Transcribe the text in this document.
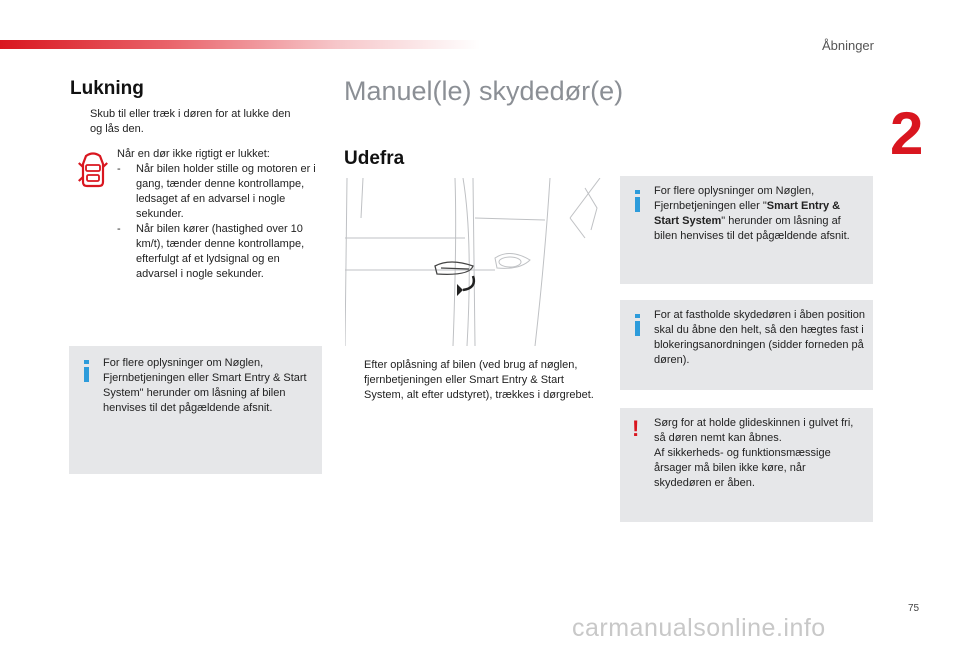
Åbninger
2
Lukning

Skub til eller træk i døren for at lukke den
og lås den.

Når en dør ikke rigtigt er lukket:
- Når bilen holder stille og motoren er i gang, tænder denne kontrollampe, ledsaget af en advarsel i nogle sekunder.
- Når bilen kører (hastighed over 10 km/t), tænder denne kontrollampe, efterfulgt af et lydsignal og en advarsel i nogle sekunder.

For flere oplysninger om Nøglen, Fjernbetjeningen eller Smart Entry & Start System" herunder om låsning af bilen henvises til det pågældende afsnit.

Manuel(le) skydedør(e)
Udefra

Efter oplåsning af bilen (ved brug af nøglen, fjernbetjeningen eller Smart Entry & Start System, alt efter udstyret), trækkes i dørgrebet.

For flere oplysninger om Nøglen, Fjernbetjeningen eller "Smart Entry & Start System" herunder om låsning af bilen henvises til det pågældende afsnit.

For at fastholde skydedøren i åben position skal du åbne den helt, så den hægtes fast i blokeringsanordningen (sidder forneden på døren).

! Sørg for at holde glideskinnen i gulvet fri, så døren nemt kan åbnes.
Af sikkerheds- og funktionsmæssige årsager må bilen ikke køre, når skydedøren er åben.

75
carmanualsonline.info
